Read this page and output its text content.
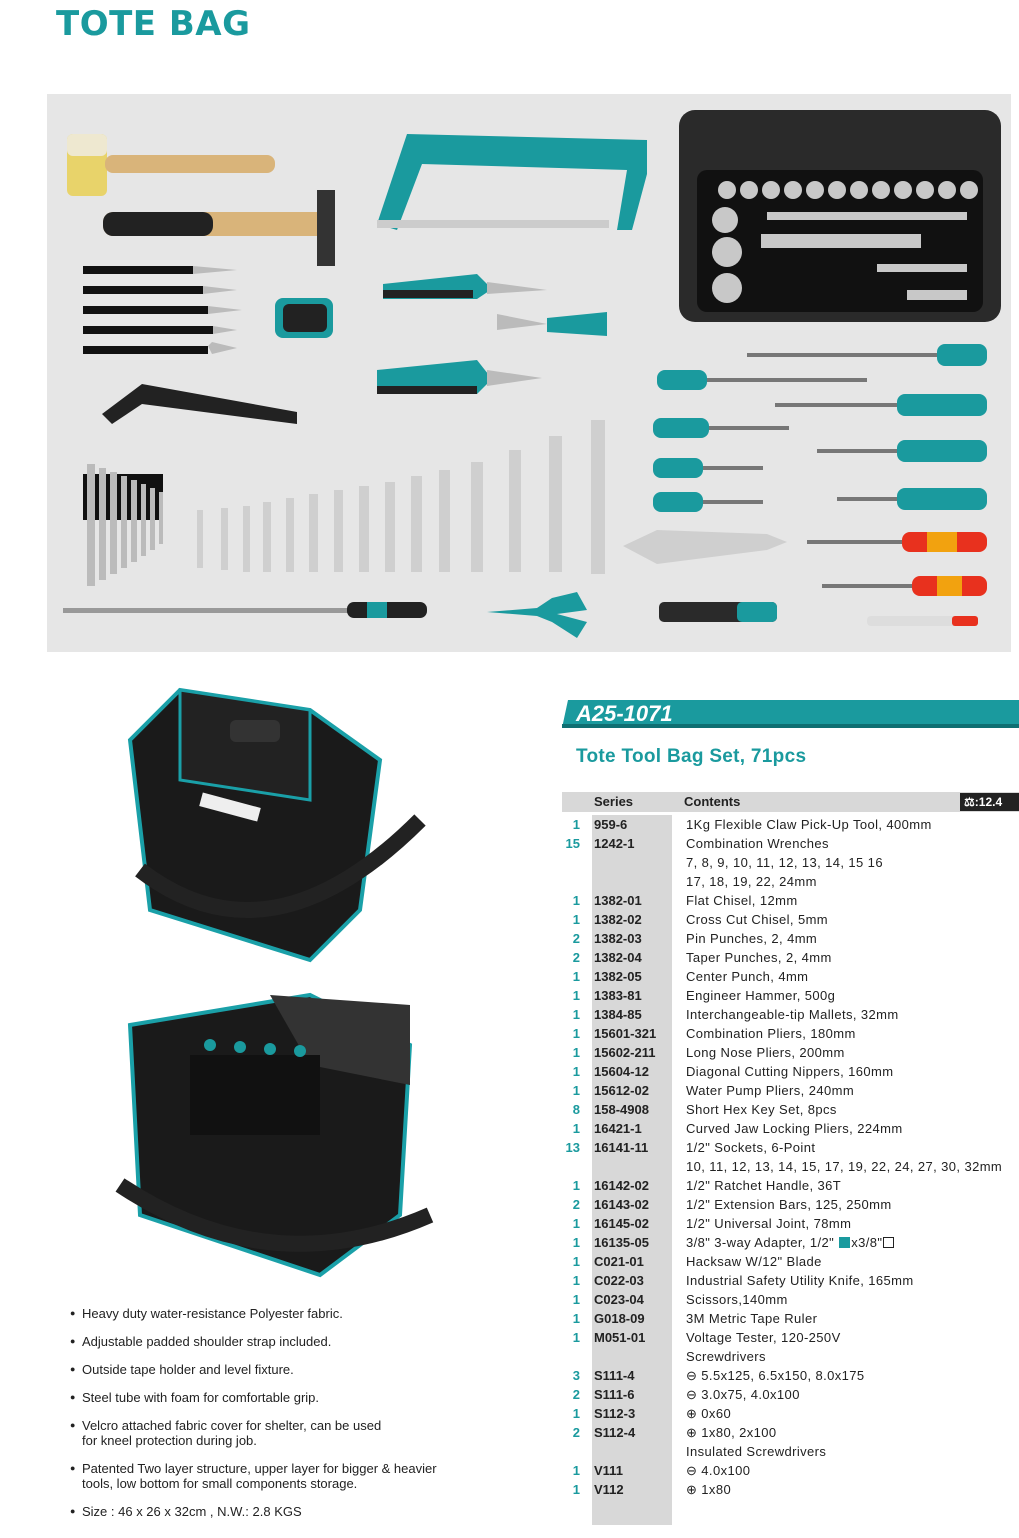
TOTE BAG
A25-1071
Tote Tool Bag Set, 71pcs
Series	Contents	⚖:12.4
1 959-6	1Kg Flexible Claw Pick-Up Tool, 400mm
15 1242-1	Combination Wrenches
7, 8, 9, 10, 11, 12, 13, 14, 15 16
17, 18, 19, 22, 24mm
1 1382-01	Flat Chisel, 12mm
1 1382-02	Cross Cut Chisel, 5mm
2 1382-03	Pin Punches, 2, 4mm
2 1382-04	Taper Punches, 2, 4mm
1 1382-05	Center Punch, 4mm
1 1383-81	Engineer Hammer, 500g
1 1384-85	Interchangeable-tip Mallets, 32mm
1 15601-321 Combination Pliers, 180mm
1 15602-211 Long Nose Pliers, 200mm
1 15604-12	Diagonal Cutting Nippers, 160mm
1 15612-02	Water Pump Pliers, 240mm
8 158-4908	Short Hex Key Set, 8pcs
1 16421-1	Curved Jaw Locking Pliers, 224mm
13 16141-11	1/2" Sockets, 6-Point
10, 11, 12, 13, 14, 15, 17, 19, 22, 24, 27, 30, 32mm
1 16142-02	1/2" Ratchet Handle, 36T
2 16143-02	1/2" Extension Bars, 125, 250mm
1 16145-02	1/2" Universal Joint, 78mm
1 16135-05	3/8" 3-way Adapter, 1/2" x3/8"
1 C021-01	Hacksaw W/12" Blade
1 C022-03	Industrial Safety Utility Knife, 165mm
1 C023-04	Scissors,140mm
1 G018-09	3M Metric Tape Ruler
1 M051-01	Voltage Tester, 120-250V
Screwdrivers
3 S111-4	⊖ 5.5x125, 6.5x150, 8.0x175
2 S111-6	⊖ 3.0x75, 4.0x100
1 S112-3	⊕ 0x60
2 S112-4	⊕ 1x80, 2x100
Insulated Screwdrivers
1 V111	⊖ 4.0x100
1 V112	⊕ 1x80
● Heavy duty water-resistance Polyester fabric.
● Adjustable padded shoulder strap included.
● Outside tape holder and level fixture.
● Steel tube with foam for comfortable grip.
● Velcro attached fabric cover for shelter, can be used
for kneel protection during job.
● Patented Two layer structure, upper layer for bigger & heavier
tools, low bottom for small components storage.
● Size : 46 x 26 x 32cm , N.W.: 2.8 KGS
